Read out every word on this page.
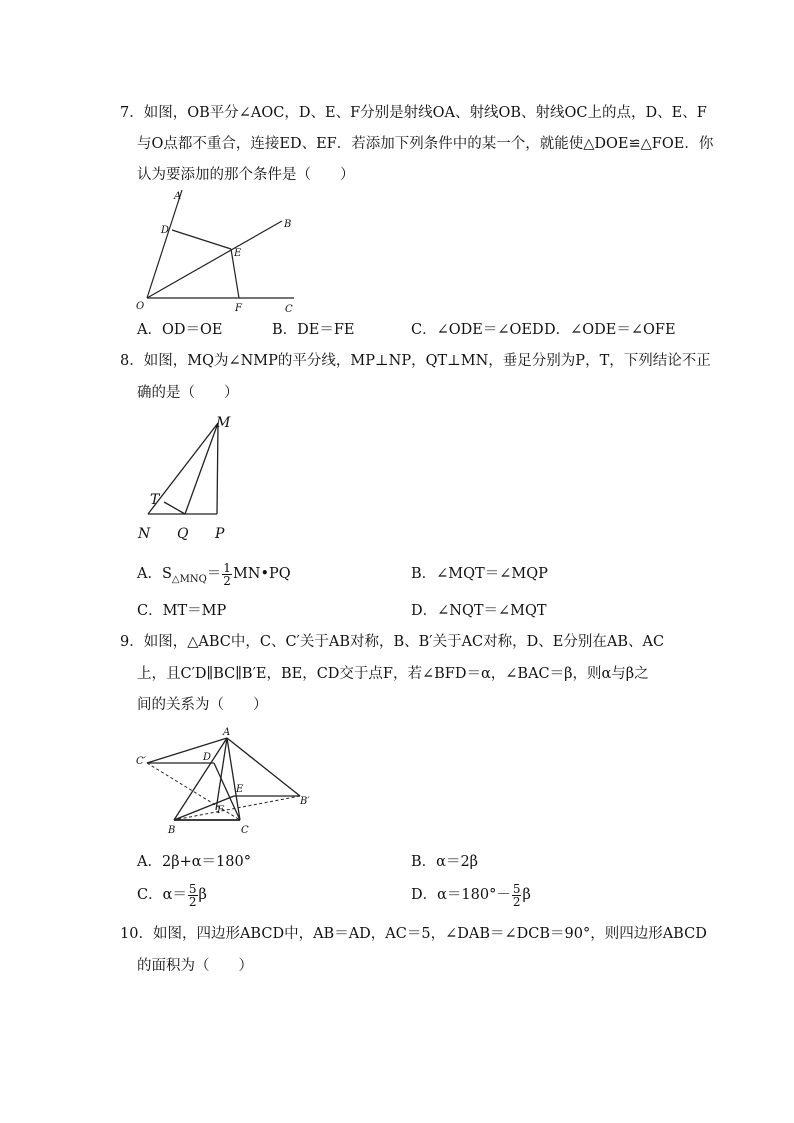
7．如图，OB平分∠AOC，D、E、F分别是射线OA、射线OB、射线OC上的点，D、E、F
与O点都不重合，连接ED、EF．若添加下列条件中的某一个，就能使△DOE≌△FOE．你
认为要添加的那个条件是（　　）
A
B
C
D
E
F
O
A．OD＝OE	B．DE＝FE	C．∠ODE＝∠OED D．∠ODE＝∠OFE
8．如图，MQ为∠NMP的平分线，MP⊥NP，QT⊥MN，垂足分别为P，T，下列结论不正
确的是（　　）
M
T
N Q P
A．$S_{\triangle MNQ}= \frac{1}{2}$ MN•PQ	B．∠MQT＝∠MQP
C．MT＝MP	D．∠NQT＝∠MQT
9．如图，△ABC中，C、C′关于AB对称，B、B′关于AC对称，D、E分别在AB、AC
上，且C′D∥BC∥B′E，BE，CD交于点F，若∠BFD＝α，∠BAC＝β，则α与β之
间的关系为（　　）
A
C′	D
E
F
B′
B	C
A．2β+α＝180°	B．α＝2β
C．$\alpha= \frac{5}{2}$ β	D．$\alpha=180^\circ- \frac{5}{2}$ β
10．如图，四边形ABCD中，AB＝AD，AC＝5，∠DAB＝∠DCB＝90°，则四边形ABCD
的面积为（　　）
